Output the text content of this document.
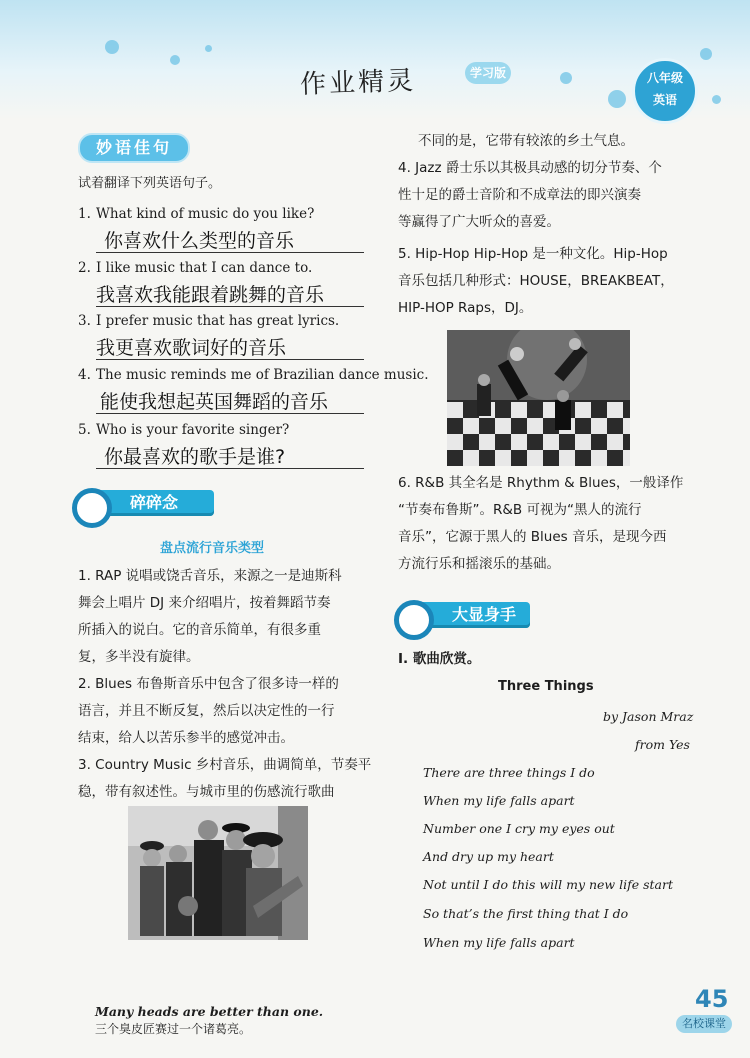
作业精灵	学习版	八年级
英语
妙语佳句
试着翻译下列英语句子。
1. What kind of music do you like?
你喜欢什么类型的音乐
2. I like music that I can dance to.
我喜欢我能跟着跳舞的音乐
3. I prefer music that has great lyrics.
我更喜欢歌词好的音乐
4. The music reminds me of Brazilian dance music.
能使我想起英国舞蹈的音乐
5. Who is your favorite singer?
你最喜欢的歌手是谁?
碎碎念
盘点流行音乐类型
1. RAP 说唱或饶舌音乐，来源之一是迪斯科
舞会上唱片 DJ 来介绍唱片，按着舞蹈节奏
所插入的说白。它的音乐简单，有很多重
复，多半没有旋律。
2. Blues 布鲁斯音乐中包含了很多诗一样的
语言，并且不断反复，然后以决定性的一行
结束，给人以苦乐参半的感觉冲击。
3. Country Music 乡村音乐，曲调简单，节奏平
稳，带有叙述性。与城市里的伤感流行歌曲
不同的是，它带有较浓的乡土气息。
4. Jazz 爵士乐以其极具动感的切分节奏、个
性十足的爵士音阶和不成章法的即兴演奏
等赢得了广大听众的喜爱。
5. Hip-Hop Hip-Hop 是一种文化。Hip-Hop
音乐包括几种形式：HOUSE，BREAKBEAT，
HIP-HOP Raps，DJ。
6. R&B 其全名是 Rhythm & Blues，一般译作
“节奏布鲁斯”。R&B 可视为“黑人的流行
音乐”，它源于黑人的 Blues 音乐，是现今西
方流行乐和摇滚乐的基础。
大显身手
Ⅰ. 歌曲欣赏。
Three Things
by Jason Mraz
from Yes
There are three things I do
When my life falls apart
Number one I cry my eyes out
And dry up my heart
Not until I do this will my new life start
So that’s the first thing that I do
When my life falls apart
Many heads are better than one.
三个臭皮匠赛过一个诸葛亮。
45
名校课堂
